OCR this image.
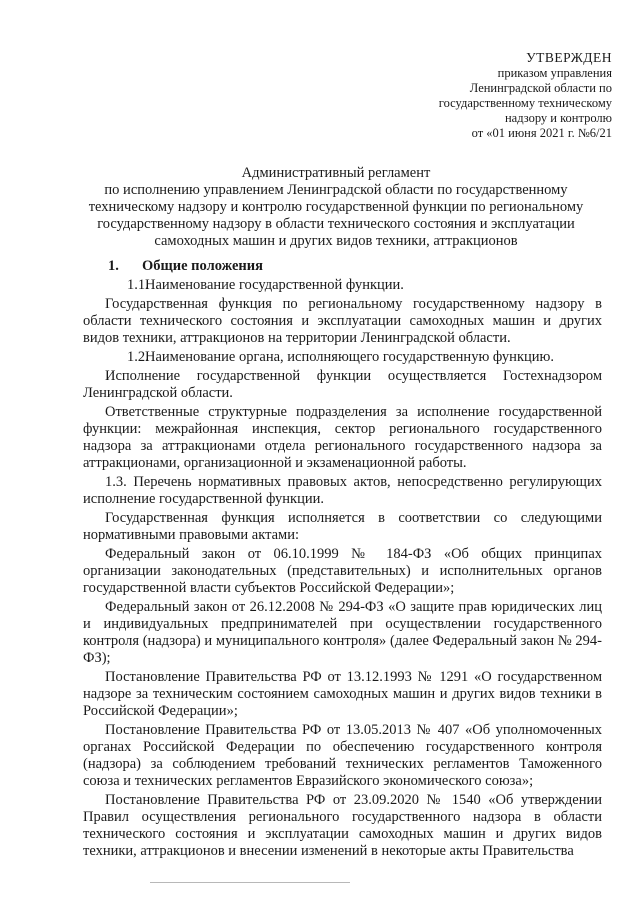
УТВЕРЖДЕН
приказом управления
Ленинградской области по
государственному техническому
надзору и контролю
от «01 июня 2021 г. №6/21
Административный регламент
по исполнению управлением Ленинградской области по государственному техническому надзору и контролю государственной функции по региональному государственному надзору в области технического состояния и эксплуатации самоходных машин и других видов техники, аттракционов

1. Общие положения

1.1.Наименование государственной функции.

Государственная функция по региональному государственному надзору в области технического состояния и эксплуатации самоходных машин и других видов техники, аттракционов на территории Ленинградской области.

1.2.Наименование органа, исполняющего государственную функцию.

Исполнение государственной функции осуществляется Гостехнадзором Ленинградской области.

Ответственные структурные подразделения за исполнение государственной функции: межрайонная инспекция, сектор регионального государственного надзора за аттракционами отдела регионального государственного надзора за аттракционами, организационной и экзаменационной работы.

1.3. Перечень нормативных правовых актов, непосредственно регулирующих исполнение государственной функции.

Государственная функция исполняется в соответствии со следующими нормативными правовыми актами:

Федеральный закон от 06.10.1999 № 184-ФЗ «Об общих принципах организации законодательных (представительных) и исполнительных органов государственной власти субъектов Российской Федерации»;

Федеральный закон от 26.12.2008 № 294-ФЗ «О защите прав юридических лиц и индивидуальных предпринимателей при осуществлении государственного контроля (надзора) и муниципального контроля» (далее Федеральный закон № 294-ФЗ);

Постановление Правительства РФ от 13.12.1993 № 1291 «О государственном надзоре за техническим состоянием самоходных машин и других видов техники в Российской Федерации»;

Постановление Правительства РФ от 13.05.2013 № 407 «Об уполномоченных органах Российской Федерации по обеспечению государственного контроля (надзора) за соблюдением требований технических регламентов Таможенного союза и технических регламентов Евразийского экономического союза»;

Постановление Правительства РФ от 23.09.2020 № 1540 «Об утверждении Правил осуществления регионального государственного надзора в области технического состояния и эксплуатации самоходных машин и других видов техники, аттракционов и внесении изменений в некоторые акты Правительства
